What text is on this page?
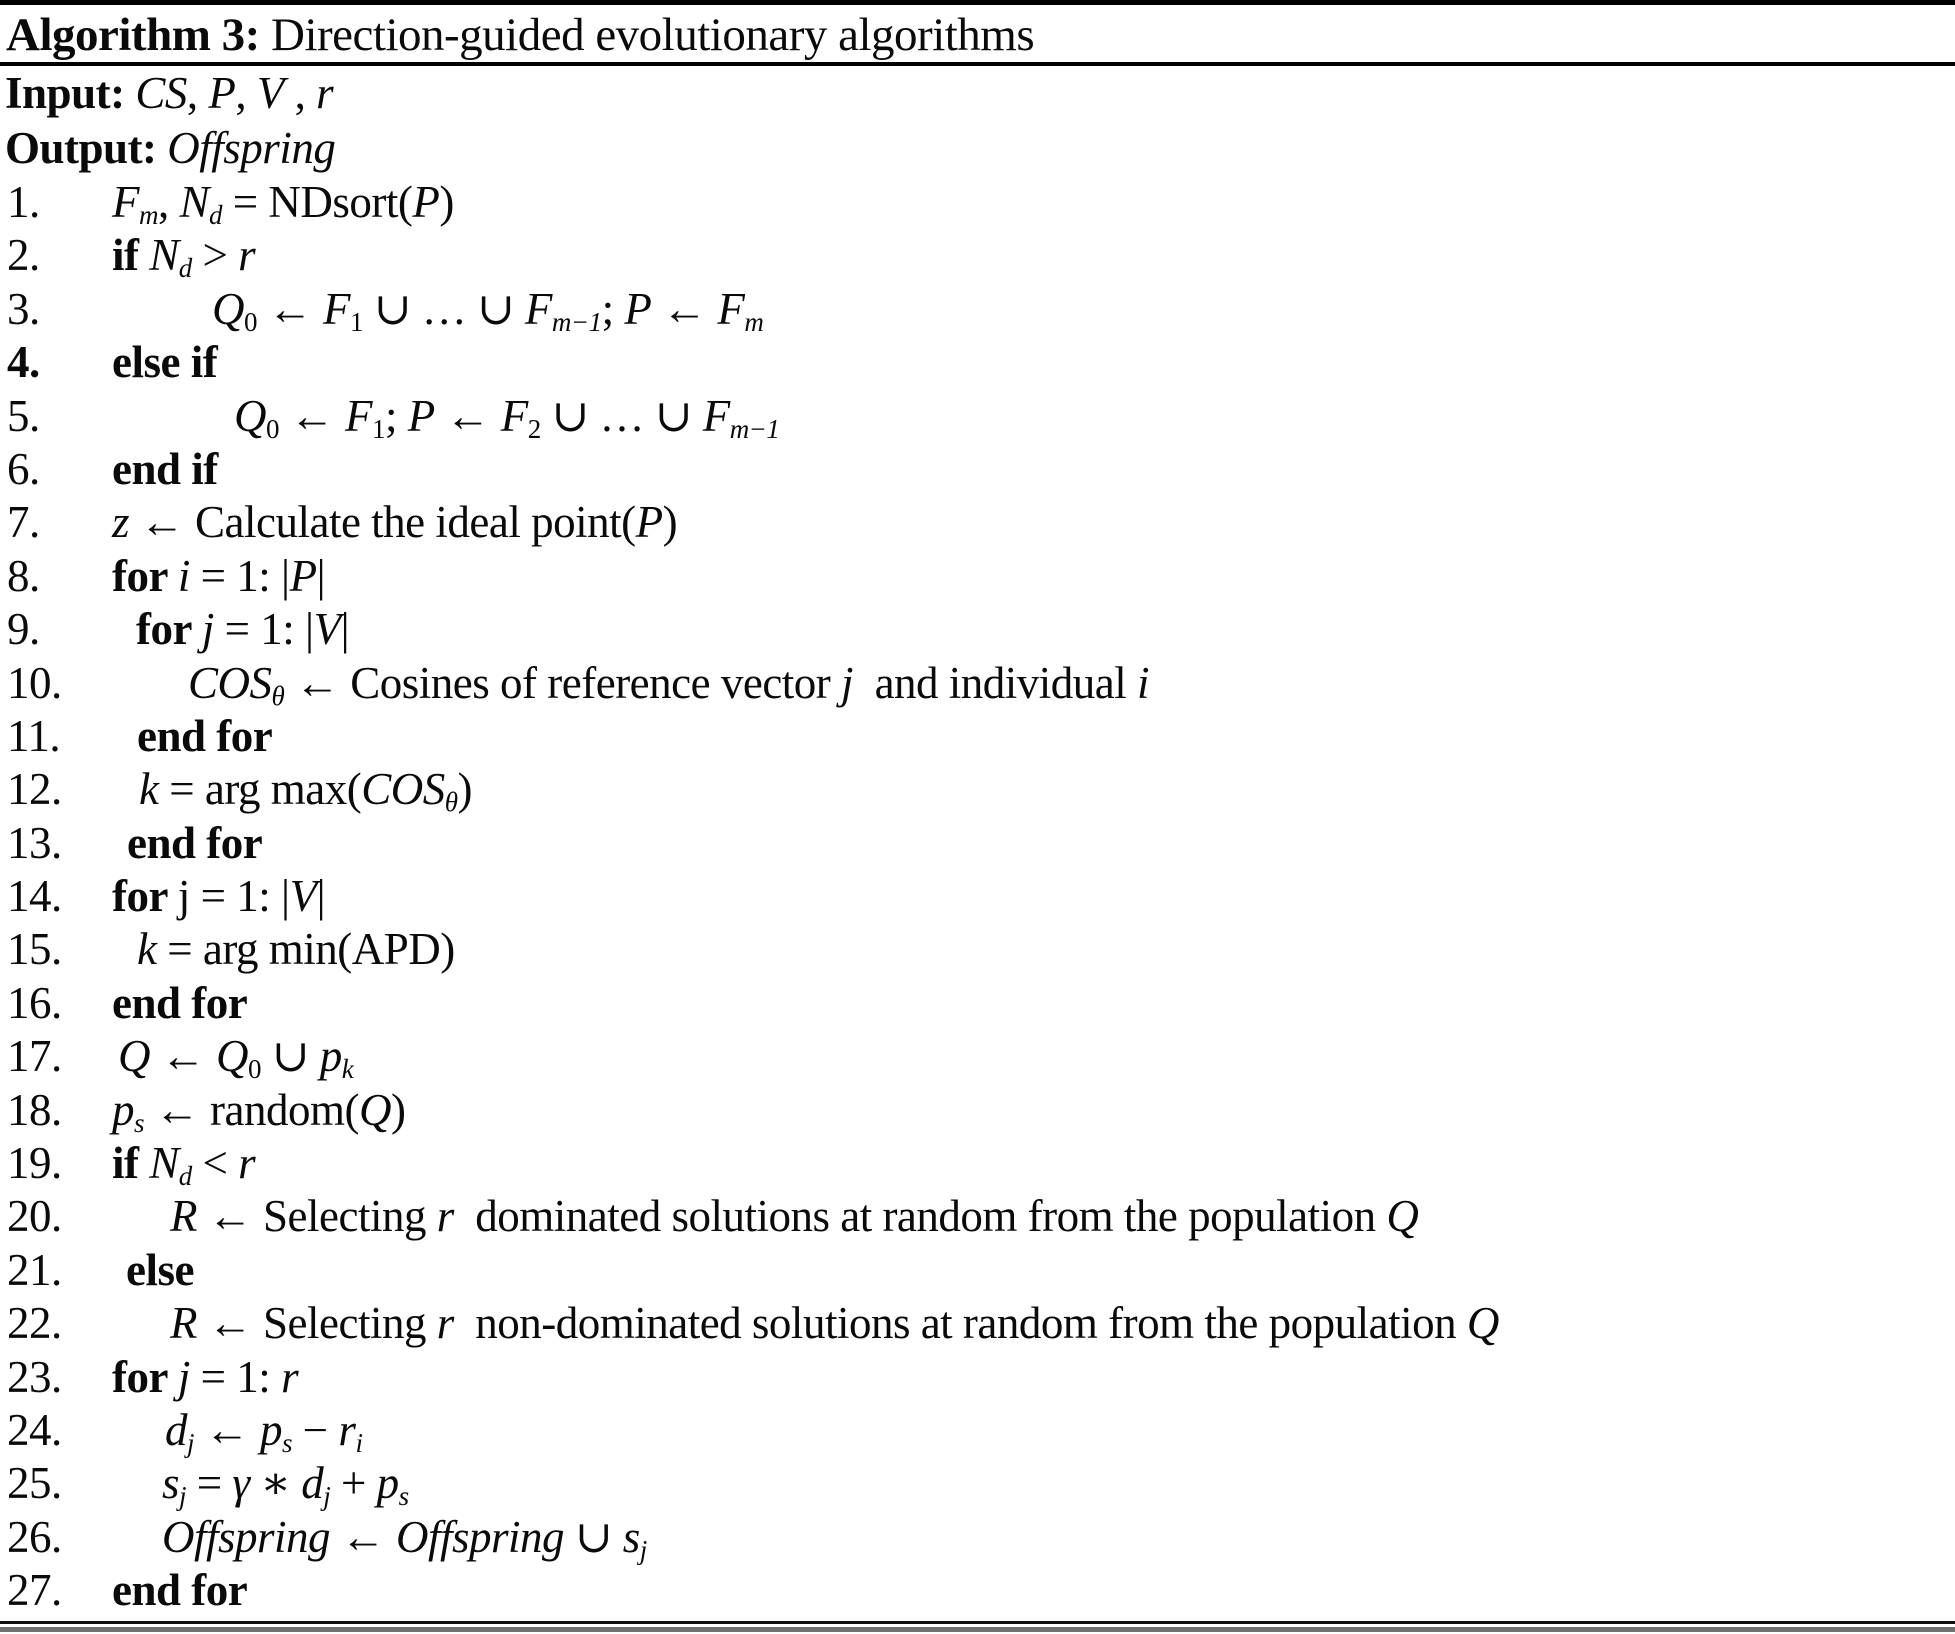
Algorithm 3: Direction-guided evolutionary algorithms
Input: CS, P, V , r
Output: Offspring
1. Fm, Nd = NDsort(P)
2. if Nd > r
3.	Q0 ← F1 ∪ … ∪ Fm−1; P ← Fm
4. else if
5.	Q0 ← F1; P ← F2 ∪ … ∪ Fm−1
6. end if
7. z ← Calculate the ideal point(P)
8. for i = 1: |P|
9. for j = 1: |V|
10.	COSθ ← Cosines of reference vector j  and individual i
11. end for
12. k = arg max(COSθ)
13. end for
14. for j = 1: |V|
15. k = arg min(APD)
16. end for
17. Q ← Q0 ∪ pk
18. ps ← random(Q)
19. if Nd < r
20. R ← Selecting r  dominated solutions at random from the population Q
21. else
22. R ← Selecting r  non-dominated solutions at random from the population Q
23. for j = 1: r
24. dj ← ps − ri
25. sj = γ ∗ dj + ps
26. Offspring ← Offspring ∪ sj
27. end for
